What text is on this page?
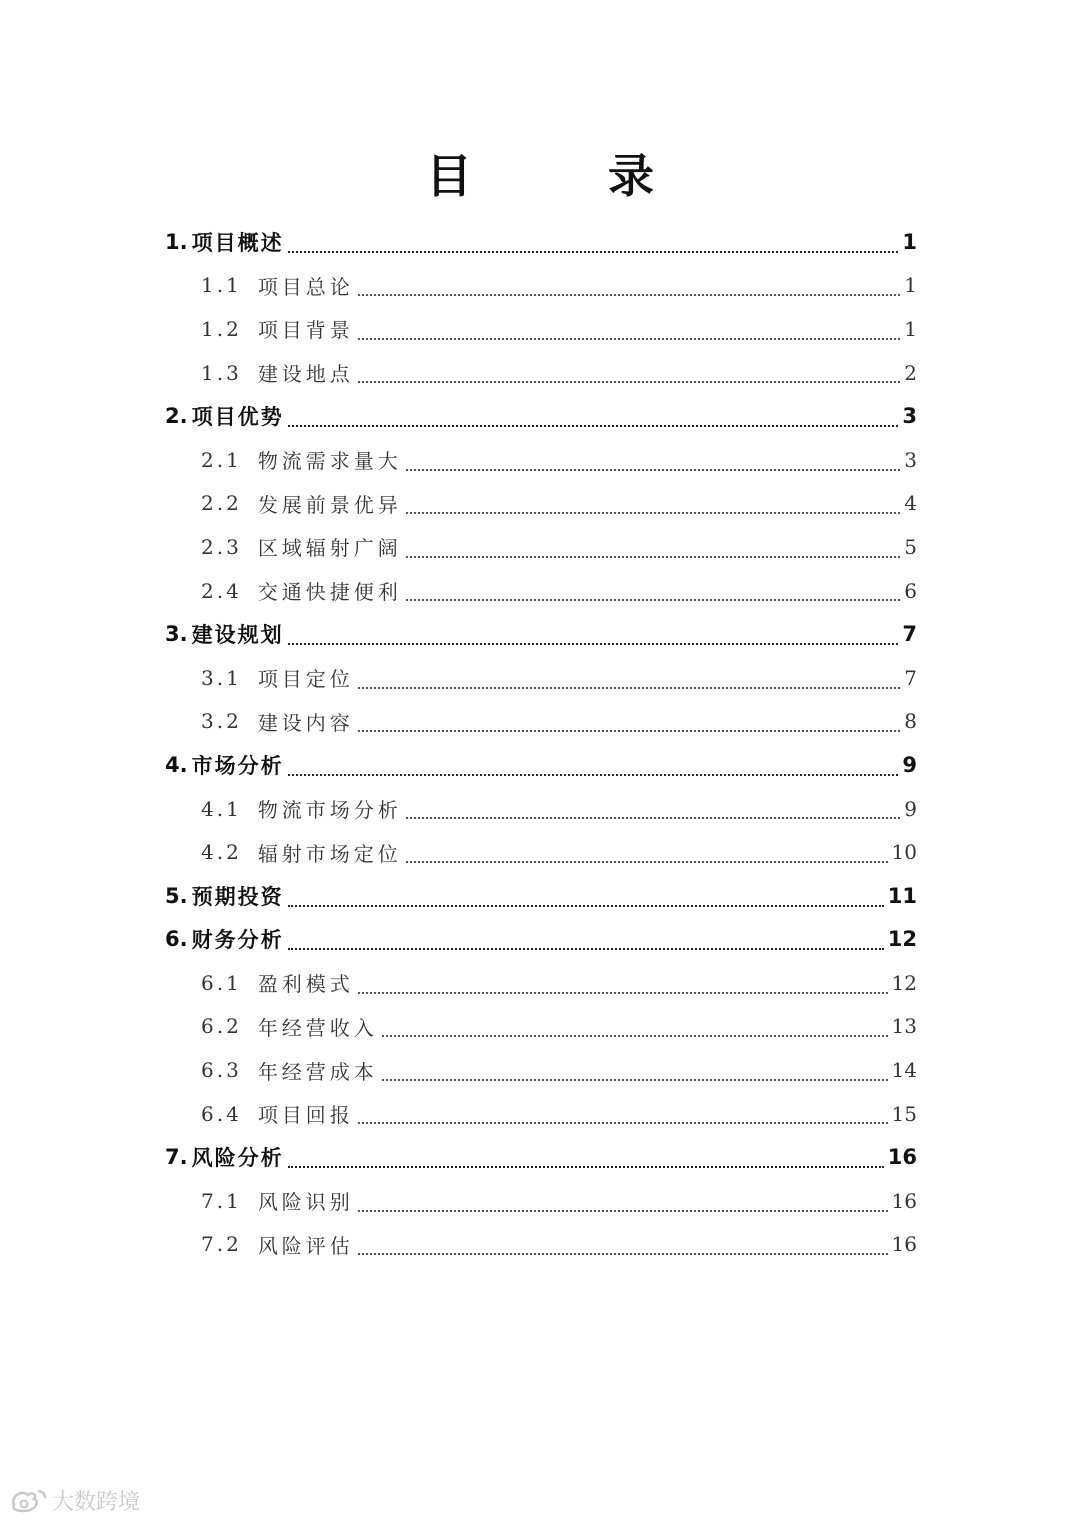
目 录
1. 项目概述	1
1.1 项目总论	1
1.2 项目背景	1
1.3 建设地点	2
2. 项目优势	3
2.1 物流需求量大	3
2.2 发展前景优异	4
2.3 区域辐射广阔	5
2.4 交通快捷便利	6
3. 建设规划	7
3.1 项目定位	7
3.2 建设内容	8
4. 市场分析	9
4.1 物流市场分析	9
4.2 辐射市场定位	10
5. 预期投资	11
6. 财务分析	12
6.1 盈利模式	12
6.2 年经营收入	13
6.3 年经营成本	14
6.4 项目回报	15
7. 风险分析	16
7.1 风险识别	16
7.2 风险评估	16
大数跨境
